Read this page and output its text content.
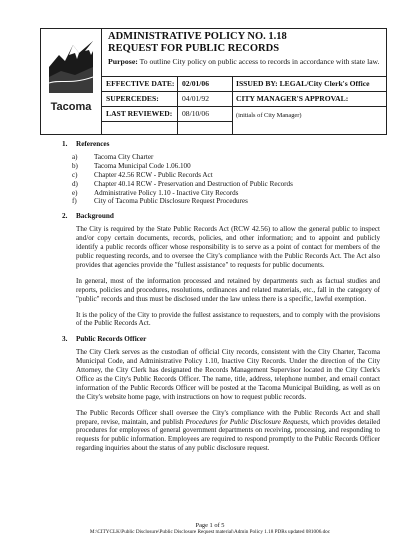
Tacoma
ADMINISTRATIVE POLICY NO. 1.18
REQUEST FOR PUBLIC RECORDS
Purpose: To outline City policy on public access to records in accordance with state law.
EFFECTIVE DATE: 02/01/06	ISSUED BY: LEGAL/City Clerk's Office
SUPERCEDES:	04/01/92	CITY MANAGER'S APPROVAL:
LAST REVIEWED: 08/10/06	(initials of City Manager)
1. References
a)	Tacoma City Charter
b)	Tacoma Municipal Code 1.06.100
c)	Chapter 42.56 RCW - Public Records Act
d)	Chapter 40.14 RCW - Preservation and Destruction of Public Records
e)	Administrative Policy 1.10 - Inactive City Records
f)	City of Tacoma Public Disclosure Request Procedures
2. Background
The City is required by the State Public Records Act (RCW 42.56) to allow the general public to inspect and/or copy certain documents, records, policies, and other information; and to appoint and publicly identify a public records officer whose responsibility is to serve as a point of contact for members of the public requesting records, and to oversee the City's compliance with the Public Records Act. The Act also provides that agencies provide the "fullest assistance" to requests for public documents.
In general, most of the information processed and retained by departments such as factual studies and reports, policies and procedures, resolutions, ordinances and related materials, etc., fall in the category of "public" records and thus must be disclosed under the law unless there is a specific, lawful exemption.
It is the policy of the City to provide the fullest assistance to requesters, and to comply with the provisions of the Public Records Act.
3. Public Records Officer
The City Clerk serves as the custodian of official City records, consistent with the City Charter, Tacoma Municipal Code, and Administrative Policy 1.10, Inactive City Records. Under the direction of the City Attorney, the City Clerk has designated the Records Management Supervisor located in the City Clerk's Office as the City's Public Records Officer. The name, title, address, telephone number, and email contact information of the Public Records Officer will be posted at the Tacoma Municipal Building, as well as on the City's website home page, with instructions on how to request public records.
The Public Records Officer shall oversee the City's compliance with the Public Records Act and shall prepare, revise, maintain, and publish Procedures for Public Disclosure Requests, which provides detailed procedures for employees of general government departments on receiving, processing, and responding to requests for public information. Employees are required to respond promptly to the Public Records Officer regarding inquiries about the status of any public disclosure request.
Page 1 of 5
M:\CITYCLK\Public Disclosure\Public Disclosure Request material\Admin Policy 1.18 PDRs updated 081006.doc
